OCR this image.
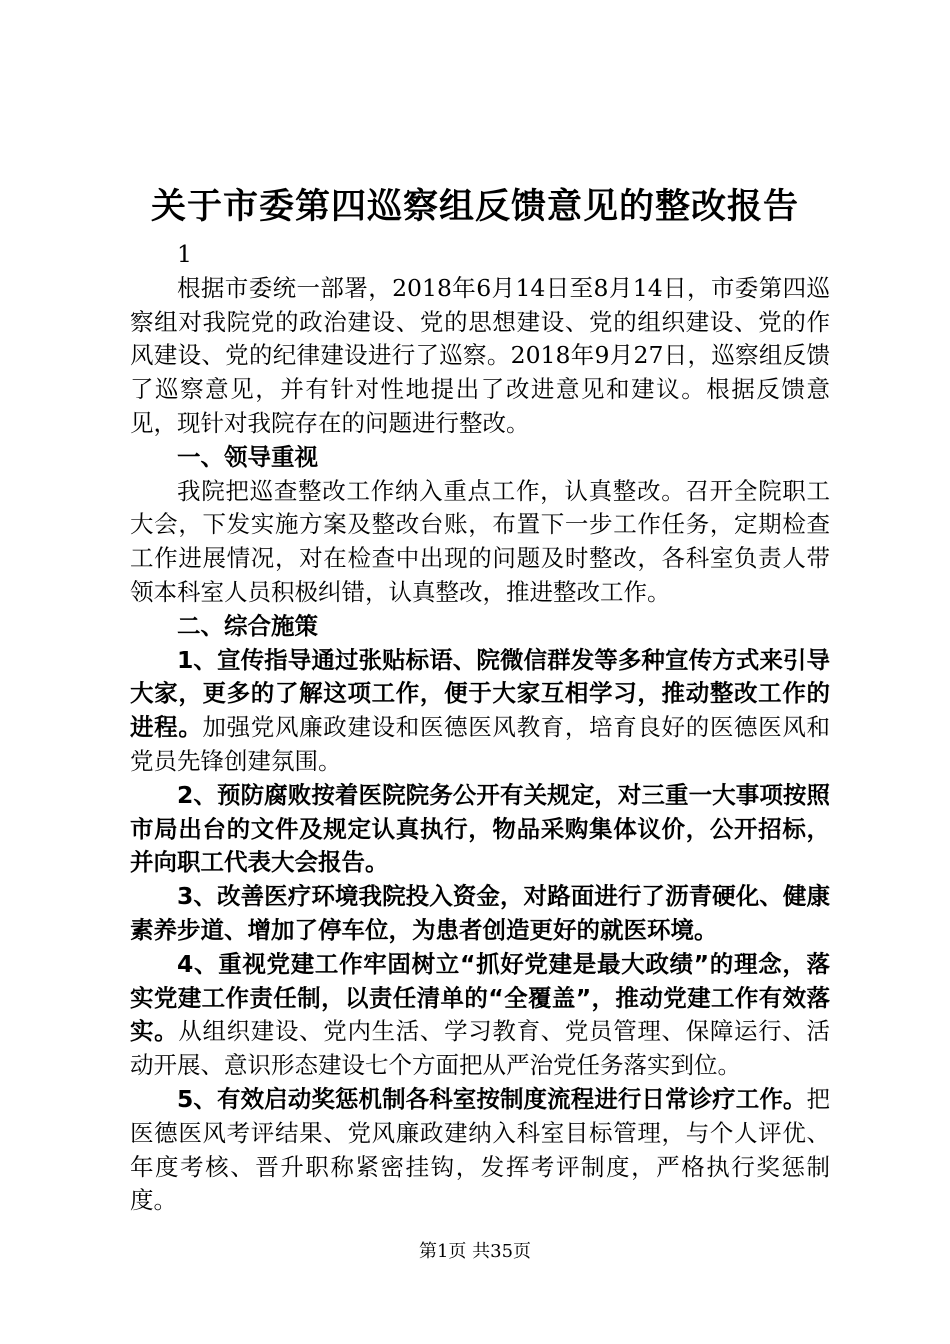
关于市委第四巡察组反馈意见的整改报告

1

根据市委统一部署，2018年6月14日至8月14日，市委第四巡察组对我院党的政治建设、党的思想建设、党的组织建设、党的作风建设、党的纪律建设进行了巡察。2018年9月27日，巡察组反馈了巡察意见，并有针对性地提出了改进意见和建议。根据反馈意见，现针对我院存在的问题进行整改。

一、领导重视

我院把巡查整改工作纳入重点工作，认真整改。召开全院职工大会，下发实施方案及整改台账，布置下一步工作任务，定期检查工作进展情况，对在检查中出现的问题及时整改，各科室负责人带领本科室人员积极纠错，认真整改，推进整改工作。

二、综合施策

1、宣传指导通过张贴标语、院微信群发等多种宣传方式来引导大家，更多的了解这项工作，便于大家互相学习，推动整改工作的进程。加强党风廉政建设和医德医风教育，培育良好的医德医风和党员先锋创建氛围。

2、预防腐败按着医院院务公开有关规定，对三重一大事项按照市局出台的文件及规定认真执行，物品采购集体议价，公开招标，并向职工代表大会报告。

3、改善医疗环境我院投入资金，对路面进行了沥青硬化、健康素养步道、增加了停车位，为患者创造更好的就医环境。

4、重视党建工作牢固树立“抓好党建是最大政绩”的理念，落实党建工作责任制，以责任清单的“全覆盖”，推动党建工作有效落实。从组织建设、党内生活、学习教育、党员管理、保障运行、活动开展、意识形态建设七个方面把从严治党任务落实到位。

5、有效启动奖惩机制各科室按制度流程进行日常诊疗工作。把医德医风考评结果、党风廉政建纳入科室目标管理，与个人评优、年度考核、晋升职称紧密挂钩，发挥考评制度，严格执行奖惩制度。

第1页 共35页
